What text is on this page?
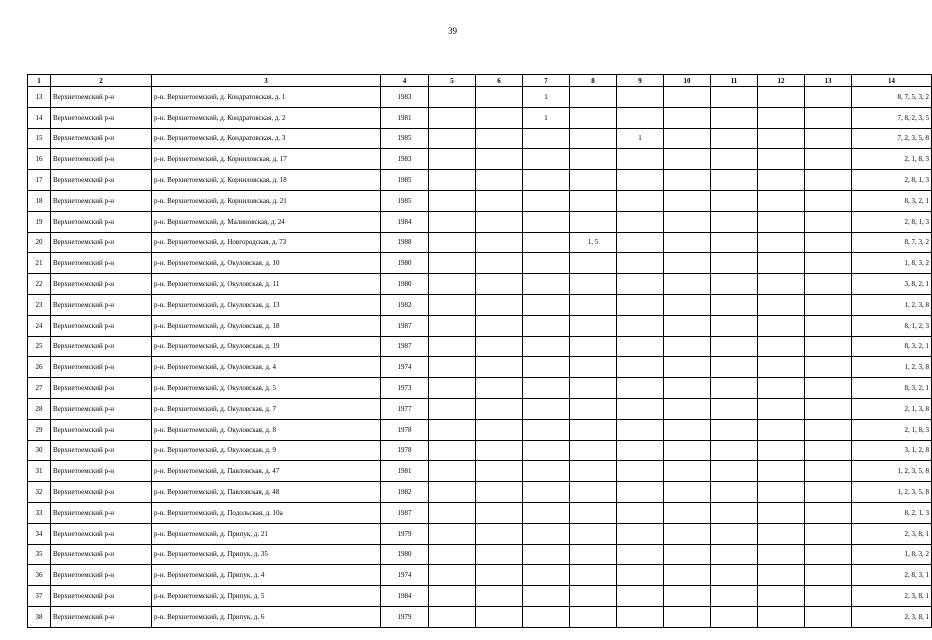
39
1	2	3	4	5	6	7	8	9	10	11	12	13	14
13	Верхнетоемский р-н	р-н. Верхнетоемский, д. Кондратовская, д. 1	1983			1							8, 7, 5, 3, 2
14	Верхнетоемский р-н	р-н. Верхнетоемский, д. Кондратовская, д. 2	1981			1							7, 8, 2, 3, 5
15	Верхнетоемский р-н	р-н. Верхнетоемский, д. Кондратовская, д. 3	1985					1					7, 2, 3, 5, 8
16	Верхнетоемский р-н	р-н. Верхнетоемский, д. Корниловская, д. 17	1983										2, 1, 8, 3
17	Верхнетоемский р-н	р-н. Верхнетоемский, д. Корниловская, д. 18	1985										2, 8, 1, 3
18	Верхнетоемский р-н	р-н. Верхнетоемский, д. Корниловская, д. 21	1985										8, 3, 2, 1
19	Верхнетоемский р-н	р-н. Верхнетоемский, д. Малиновская, д. 24	1984										2, 8, 1, 3
20	Верхнетоемский р-н	р-н. Верхнетоемский, д. Новгородская, д. 73	1988				1, 5						8, 7, 3, 2
21	Верхнетоемский р-н	р-н. Верхнетоемский, д. Окуловская, д. 10	1980										1, 8, 3, 2
22	Верхнетоемский р-н	р-н. Верхнетоемский, д. Окуловская, д. 11	1980										3, 8, 2, 1
23	Верхнетоемский р-н	р-н. Верхнетоемский, д. Окуловская, д. 13	1982										1, 2, 3, 8
24	Верхнетоемский р-н	р-н. Верхнетоемский, д. Окуловская, д. 18	1987										8, 1, 2, 3
25	Верхнетоемский р-н	р-н. Верхнетоемский, д. Окуловская, д. 19	1987										8, 3, 2, 1
26	Верхнетоемский р-н	р-н. Верхнетоемский, д. Окуловская, д. 4	1974										1, 2, 3, 8
27	Верхнетоемский р-н	р-н. Верхнетоемский, д. Окуловская, д. 5	1973										8, 3, 2, 1
28	Верхнетоемский р-н	р-н. Верхнетоемский, д. Окуловская, д. 7	1977										2, 1, 3, 8
29	Верхнетоемский р-н	р-н. Верхнетоемский, д. Окуловская, д. 8	1978										2, 1, 8, 3
30	Верхнетоемский р-н	р-н. Верхнетоемский, д. Окуловская, д. 9	1978										3, 1, 2, 8
31	Верхнетоемский р-н	р-н. Верхнетоемский, д. Павловская, д. 47	1981										1, 2, 3, 5, 8
32	Верхнетоемский р-н	р-н. Верхнетоемский, д. Павловская, д. 48	1982										1, 2, 3, 5, 8
33	Верхнетоемский р-н	р-н. Верхнетоемский, д. Подольская, д. 10а	1987										8, 2, 1, 3
34	Верхнетоемский р-н	р-н. Верхнетоемский, д. Припук, д. 21	1979										2, 3, 8, 1
35	Верхнетоемский р-н	р-н. Верхнетоемский, д. Припук, д. 35	1980										1, 8, 3, 2
36	Верхнетоемский р-н	р-н. Верхнетоемский, д. Припук, д. 4	1974										2, 8, 3, 1
37	Верхнетоемский р-н	р-н. Верхнетоемский, д. Припук, д. 5	1984										2, 3, 8, 1
38	Верхнетоемский р-н	р-н. Верхнетоемский, д. Припук, д. 6	1979										2, 3, 8, 1
